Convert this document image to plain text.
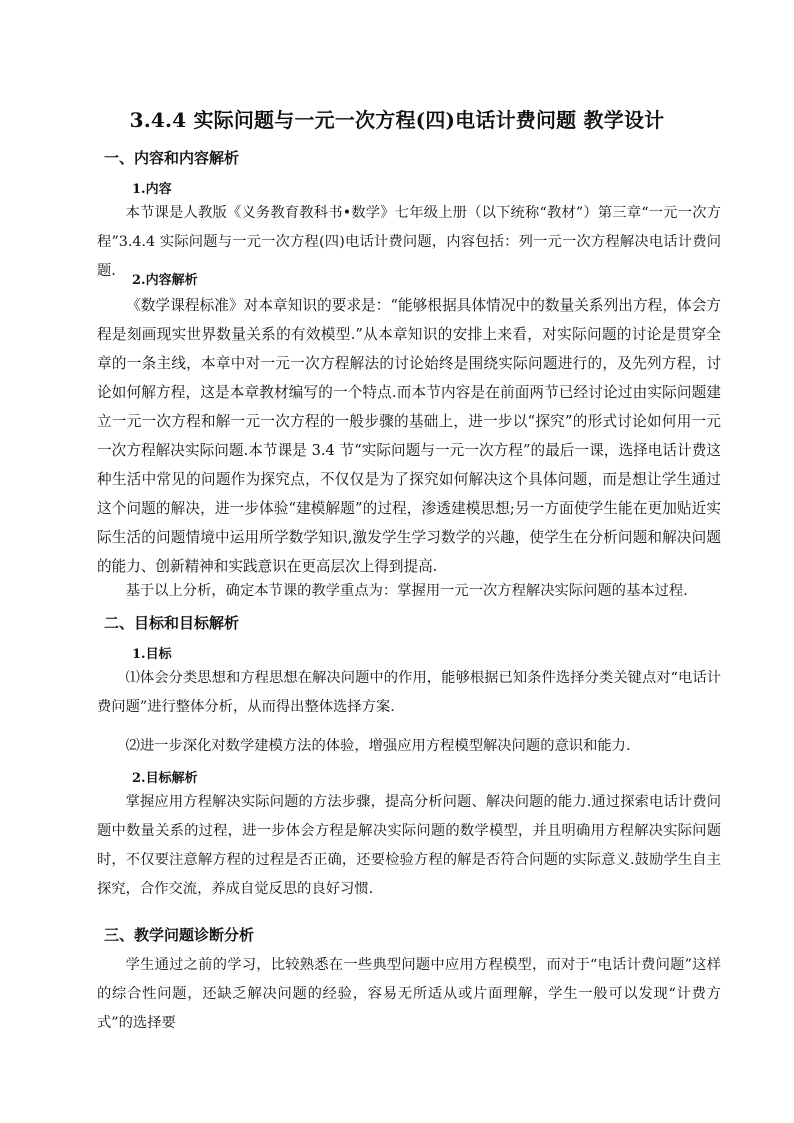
3.4.4 实际问题与一元一次方程(四)电话计费问题 教学设计
一、内容和内容解析
1.内容

本节课是人教版《义务教育教科书•数学》七年级上册（以下统称“教材”）第三章“一元一次方程”3.4.4 实际问题与一元一次方程(四)电话计费问题，内容包括：列一元一次方程解决电话计费问题.

2.内容解析

《数学课程标准》对本章知识的要求是：“能够根据具体情况中的数量关系列出方程，体会方程是刻画现实世界数量关系的有效模型.”从本章知识的安排上来看，对实际问题的讨论是贯穿全章的一条主线，本章中对一元一次方程解法的讨论始终是围绕实际问题进行的，及先列方程，讨论如何解方程，这是本章教材编写的一个特点.而本节内容是在前面两节已经讨论过由实际问题建立一元一次方程和解一元一次方程的一般步骤的基础上，进一步以“探究”的形式讨论如何用一元一次方程解决实际问题.本节课是 3.4 节“实际问题与一元一次方程”的最后一课，选择电话计费这种生活中常见的问题作为探究点，不仅仅是为了探究如何解决这个具体问题，而是想让学生通过这个问题的解决，进一步体验“建模解题”的过程，渗透建模思想;另一方面使学生能在更加贴近实际生活的问题情境中运用所学数学知识,激发学生学习数学的兴趣，使学生在分析问题和解决问题的能力、创新精神和实践意识在更高层次上得到提高.

基于以上分析，确定本节课的教学重点为：掌握用一元一次方程解决实际问题的基本过程.

二、目标和目标解析
1.目标

⑴体会分类思想和方程思想在解决问题中的作用，能够根据已知条件选择分类关键点对“电话计费问题”进行整体分析，从而得出整体选择方案.

⑵进一步深化对数学建模方法的体验，增强应用方程模型解决问题的意识和能力.

2.目标解析

掌握应用方程解决实际问题的方法步骤，提高分析问题、解决问题的能力.通过探索电话计费问题中数量关系的过程，进一步体会方程是解决实际问题的数学模型，并且明确用方程解决实际问题时，不仅要注意解方程的过程是否正确，还要检验方程的解是否符合问题的实际意义.鼓励学生自主探究，合作交流，养成自觉反思的良好习惯.

三、教学问题诊断分析

学生通过之前的学习，比较熟悉在一些典型问题中应用方程模型，而对于“电话计费问题”这样的综合性问题，还缺乏解决问题的经验，容易无所适从或片面理解，学生一般可以发现“计费方式”的选择要
